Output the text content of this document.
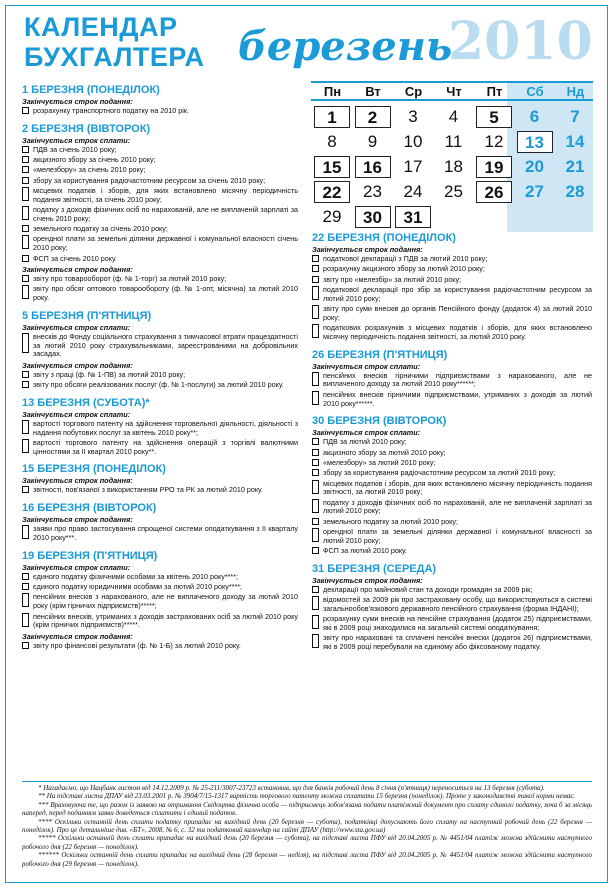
КАЛЕНДАР
БУХГАЛТЕРА березень
2010
Пн	Вт	Ср	Чт	Пт	Сб	Нд
1	2	3	4	5	6	7
8	9	10	11	12	13	14
15	16	17	18	19	20	21
22	23	24	25	26	27	28
29	30	31
1 БЕРЕЗНЯ (ПОНЕДІЛОК)
Закінчується строк подання:
розрахунку транспортного податку на 2010 рік.
2 БЕРЕЗНЯ (ВІВТОРОК)
Закінчується строк сплати:
ПДВ за січень 2010 року;
акцизного збору за січень 2010 року;
«мелезбору» за січень 2010 року;
збору за користування радіочастотним ресурсом за січень 2010 року;
місцевих податків і зборів, для яких встановлено місячну періодичність подання звітності, за січень 2010 року;
податку з доходів фізичних осіб по нарахованій, але не виплаченій зарплаті за січень 2010 року;
земельного податку за січень 2010 року;
орендної плати за земельні ділянки державної і комунальної власності січень 2010 року;
ФСП за січень 2010 року.
Закінчується строк подання:
звіту про товарооборот (ф. № 1-торг) за лютий 2010 року;
звіту про обсяг оптового товарообороту (ф. № 1-опт, місячна) за лютий 2010 року.
5 БЕРЕЗНЯ (П'ЯТНИЦЯ)
Закінчується строк сплати:
внесків до Фонду соціального страхування з тимчасової втрати працездатності за лютий 2010 року страхувальниками, зареєстрованими на добровільних засадах.
Закінчується строк подання:
звіту з праці (ф. № 1-ПВ) за лютий 2010 року;
звіту про обсяги реалізованих послуг (ф. № 1-послуги) за лютий 2010 року.
13 БЕРЕЗНЯ (СУБОТА)*
Закінчується строк сплати:
вартості торгового патенту на здійснення торговельної діяльності, діяльності з надання побутових послуг за квітень 2010 року**;
вартості торгового патенту на здійснення операцій з торгівлі валютними цінностями за ІІ квартал 2010 року**.
15 БЕРЕЗНЯ (ПОНЕДІЛОК)
Закінчується строк подання:
звітності, пов'язаної з використанням РРО та РК за лютий 2010 року.
16 БЕРЕЗНЯ (ВІВТОРОК)
Закінчується строк подання:
заяви про право застосування спрощеної системи оподаткування з ІІ кварталу 2010 року***.
19 БЕРЕЗНЯ (П'ЯТНИЦЯ)
Закінчується строк сплати:
єдиного податку фізичними особами за квітень 2010 року****;
єдиного податку юридичними особами за лютий 2010 року****;
пенсійних внесків з нарахованого, але не виплаченого доходу за лютий 2010 року (крім гірничих підприємств)*****;
пенсійних внесків, утриманих з доходів застрахованих осіб за лютий 2010 року (крім гірничих підприємств)*****.
Закінчується строк подання:
звіту про фінансові результати (ф. № 1-Б) за лютий 2010 року.
22 БЕРЕЗНЯ (ПОНЕДІЛОК)
Закінчується строк подання:
податкової декларації з ПДВ за лютий 2010 року;
розрахунку акцизного збору за лютий 2010 року;
звіту про «мелезбір» за лютий 2010 року;
податкової декларації про збір за користування радіочастотним ресурсом за лютий 2010 року;
звіту про суми внесків до органів Пенсійного фонду (додаток 4) за лютий 2010 року;
податкових розрахунків з місцевих податків і зборів, для яких встановлено місячну періодичність подання звітності, за лютий 2010 року.
26 БЕРЕЗНЯ (П'ЯТНИЦЯ)
Закінчується строк сплати:
пенсійних внесків гірничими підприємствами з нарахованого, але не виплаченого доходу за лютий 2010 року******;
пенсійних внесків гірничими підприємствами, утриманих з доходів за лютий 2010 року******.
30 БЕРЕЗНЯ (ВІВТОРОК)
Закінчується строк сплати:
ПДВ за лютий 2010 року;
акцизного збору за лютий 2010 року;
«мелезбору» за лютий 2010 року;
збору за користування радіочастотним ресурсом за лютий 2010 року;
місцевих податків і зборів, для яких встановлено місячну періодичність подання звітності, за лютий 2010 року;
податку з доходів фізичних осіб по нарахованій, але не виплаченій зарплаті за лютий 2010 року;
земельного податку за лютий 2010 року;
орендної плати за земельні ділянки державної і комунальної власності за лютий 2010 року;
ФСП за лютий 2010 року.
31 БЕРЕЗНЯ (СЕРЕДА)
Закінчується строк подання:
декларації про майновий стан та доходи громадян за 2009 рік;
відомостей за 2009 рік про застраховану особу, що використовуються в системі загальнообов'язкового державного пенсійного страхування (форма ІНДАНІ);
розрахунку суми внесків на пенсійне страхування (додаток 25) підприємствами, які в 2009 році знаходилися на загальній системі оподаткування;
звіту про нараховані та сплачені пенсійні внески (додаток 26) підприємствами, які в 2009 році перебували на єдиному або фіксованому податку.

* Нагадаємо, що Нацбанк листом від 14.12.2009 р. № 25-211/3007-23723 встановив, що для банків робочий день 8 січня (п'ятниця) переноситься на 13 березня (субота).

** На підставі листа ДПАУ від 23.03.2001 р. № 3904/7/15-1317 вартість торгового патенту можна сплатити 15 березня (понеділок). Проте у законодавстві такої норми немає.

*** Враховуючи те, що разом із заявою на отримання Свідоцтва фізична особа — підприємець зобов'язана подати платіжний документ про сплату єдиного податку, хоча б за місяць наперед, перед поданням заяви доведеться сплатити і єдиний податок.

**** Оскільки останній день сплати податку припадає на вихідний день (20 березня — субота), податківці допускають його сплату на наступний робочий день (22 березня — понеділок). Про це детальніше див. «БТ», 2008, № 6, с. 32 та податковий календар на сайті ДПАУ (http://www.sta.gov.ua)

***** Оскільки останній день сплати припадає на вихідний день (20 березня — субота), на підставі листа ПФУ від 20.04.2005 р. № 4451/04 платіж можна здійснити наступного робочого дня (22 березня — понеділок).

****** Оскільки останній день сплати припадає на вихідний день (28 березня — неділя), на підставі листа ПФУ від 20.04.2005 р. № 4451/04 платіж можна здійснити наступного робочого дня (29 березня — понеділок).
